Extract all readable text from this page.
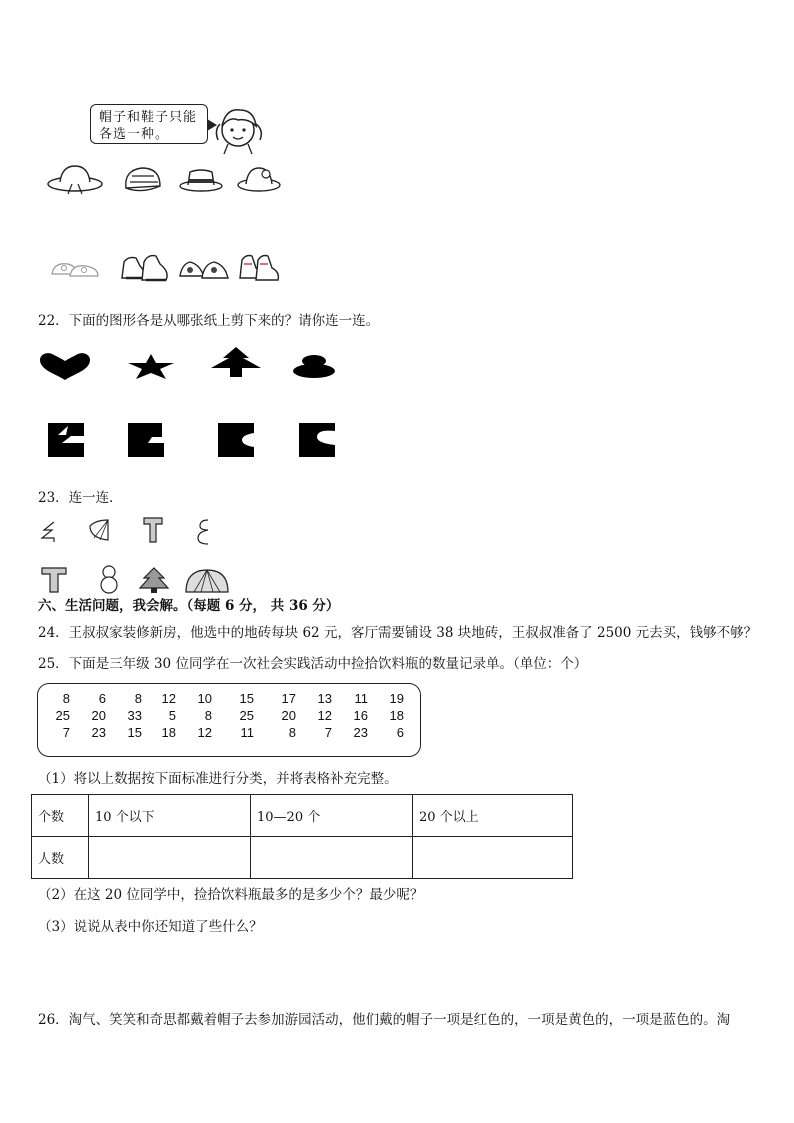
帽子和鞋子只能
各选一种。
22．下面的图形各是从哪张纸上剪下来的？请你连一连。
23．连一连．
六、生活问题，我会解。（每题 6 分， 共 36 分）
24．王叔叔家装修新房，他选中的地砖每块 62 元，客厅需要铺设 38 块地砖，王叔叔准备了 2500 元去买，钱够不够？
25．下面是三年级 30 位同学在一次社会实践活动中捡拾饮料瓶的数量记录单。（单位：个）
8	6	8	12	10	15	17	13	11	19
25	20	33	5	8	25	20	12	16	18
7	23	15	18	12	11	8	7	23	6
（1）将以上数据按下面标准进行分类，并将表格补充完整。
个数	10 个以下	10—20 个	20 个以上
人数			
（2）在这 20 位同学中，捡拾饮料瓶最多的是多少个？最少呢？
（3）说说从表中你还知道了些什么？
26．淘气、笑笑和奇思都戴着帽子去参加游园活动，他们戴的帽子一项是红色的，一项是黄色的，一项是蓝色的。淘
